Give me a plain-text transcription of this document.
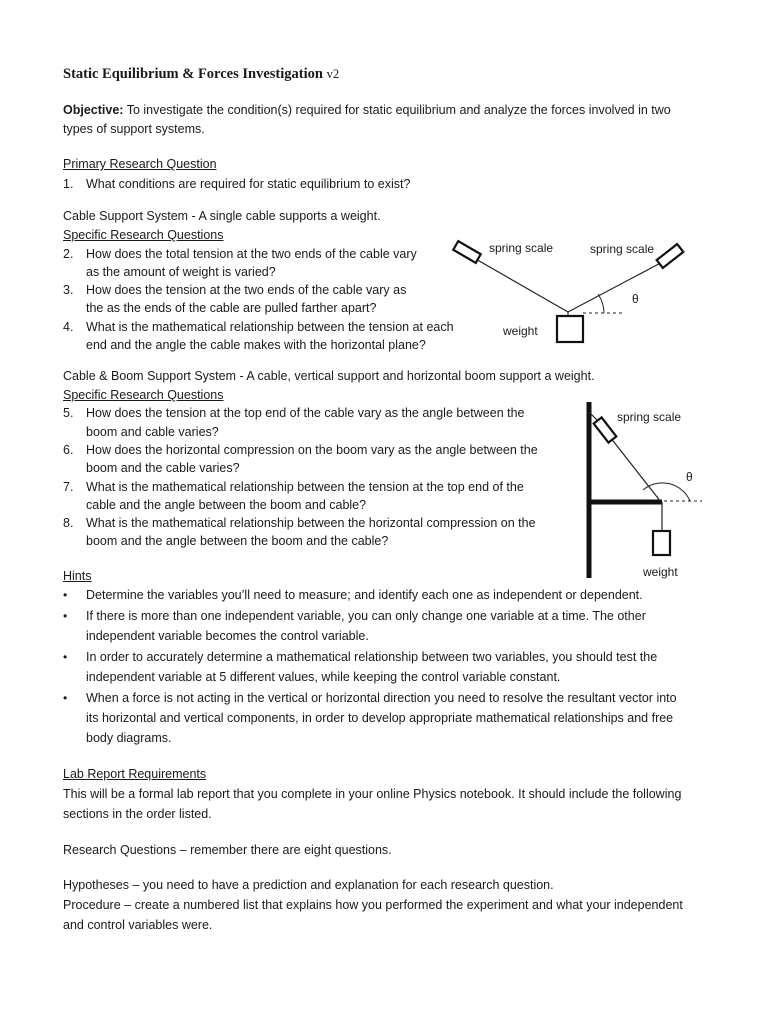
Static Equilibrium & Forces Investigation v2
Objective: To investigate the condition(s) required for static equilibrium and analyze the forces involved in two
types of support systems.
Primary Research Question
1.	What conditions are required for static equilibrium to exist?
Cable Support System - A single cable supports a weight.
Specific Research Questions
2.	How does the total tension at the two ends of the cable vary
as the amount of weight is varied?
3.	How does the tension at the two ends of the cable vary as
the as the ends of the cable are pulled farther apart?
4.	What is the mathematical relationship between the tension at each
end and the angle the cable makes with the horizontal plane?
spring scale	spring scale
θ
weight
Cable & Boom Support System - A cable, vertical support and horizontal boom support a weight.
Specific Research Questions
5.	How does the tension at the top end of the cable vary as the angle between the
boom and cable varies?
6.	How does the horizontal compression on the boom vary as the angle between the
boom and the cable varies?
7.	What is the mathematical relationship between the tension at the top end of the
cable and the angle between the boom and cable?
8.	What is the mathematical relationship between the horizontal compression on the
boom and the angle between the boom and the cable?
spring scale
θ
weight
Hints
• Determine the variables you’ll need to measure; and identify each one as independent or dependent.
• If there is more than one independent variable, you can only change one variable at a time. The other
independent variable becomes the control variable.
• In order to accurately determine a mathematical relationship between two variables, you should test the
independent variable at 5 different values, while keeping the control variable constant.
• When a force is not acting in the vertical or horizontal direction you need to resolve the resultant vector into
its horizontal and vertical components, in order to develop appropriate mathematical relationships and free
body diagrams.
Lab Report Requirements
This will be a formal lab report that you complete in your online Physics notebook. It should include the following
sections in the order listed.
Research Questions – remember there are eight questions.
Hypotheses – you need to have a prediction and explanation for each research question.
Procedure – create a numbered list that explains how you performed the experiment and what your independent
and control variables were.
